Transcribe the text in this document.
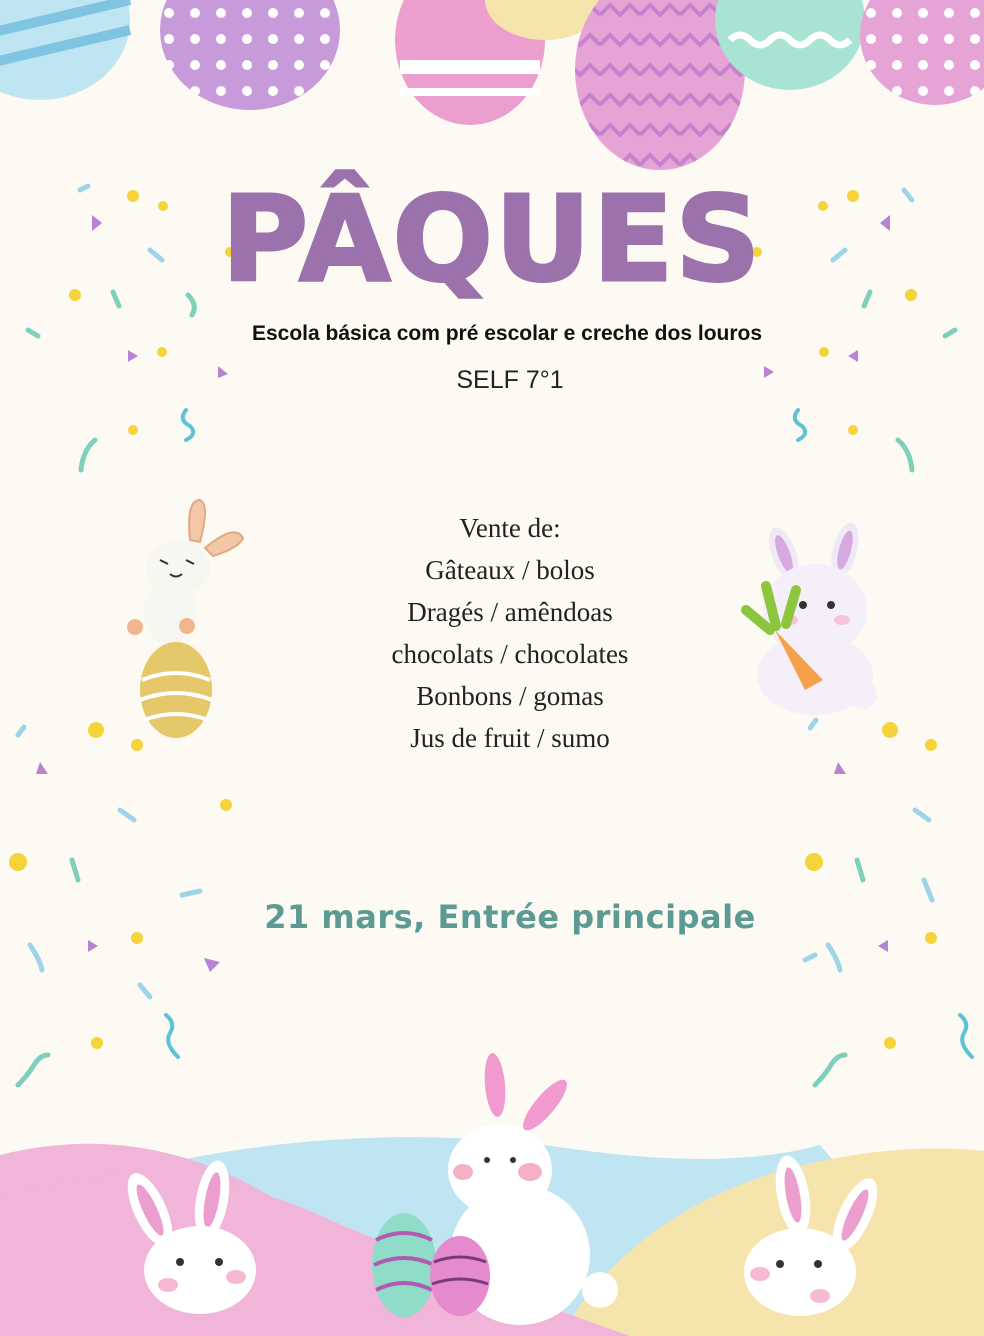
PÂQUES
Escola básica com pré escolar e creche dos louros
SELF 7°1
Vente de:
Gâteaux / bolos
Dragés / amêndoas
chocolats / chocolates
Bonbons / gomas
Jus de fruit / sumo
21 mars, Entrée principale
